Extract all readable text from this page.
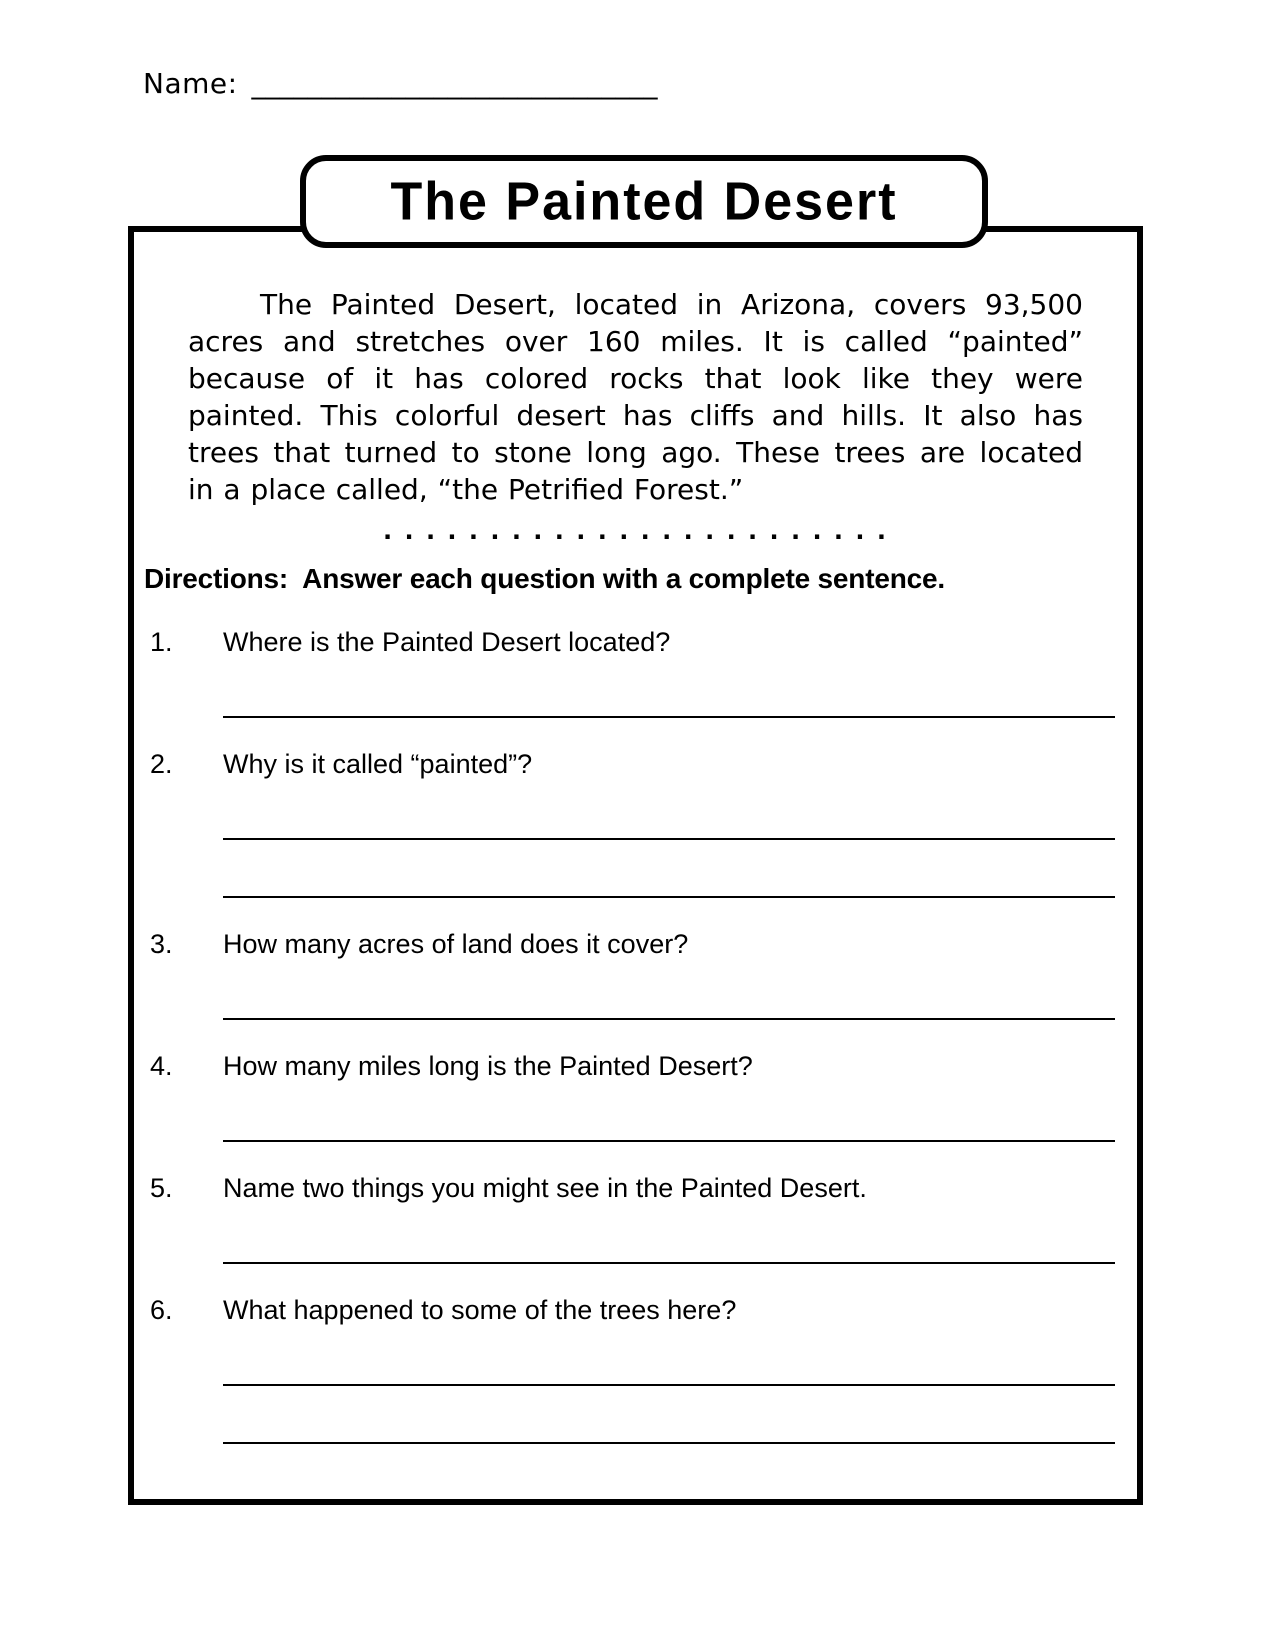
Name: _____________________________
The Painted Desert
The Painted Desert, located in Arizona, covers 93,500
acres and stretches over 160 miles. It is called “painted”
because of it has colored rocks that look like they were
painted. This colorful desert has cliffs and hills. It also has
trees that turned to stone long ago. These trees are located
in a place called, “the Petrified Forest.”
. . . . . . . . . . . . . . . . . . . . . . . .
Directions:  Answer each question with a complete sentence.
1.	Where is the Painted Desert located?
2.	Why is it called “painted”?
3.	How many acres of land does it cover?
4.	How many miles long is the Painted Desert?
5.	Name two things you might see in the Painted Desert.
6.	What happened to some of the trees here?
